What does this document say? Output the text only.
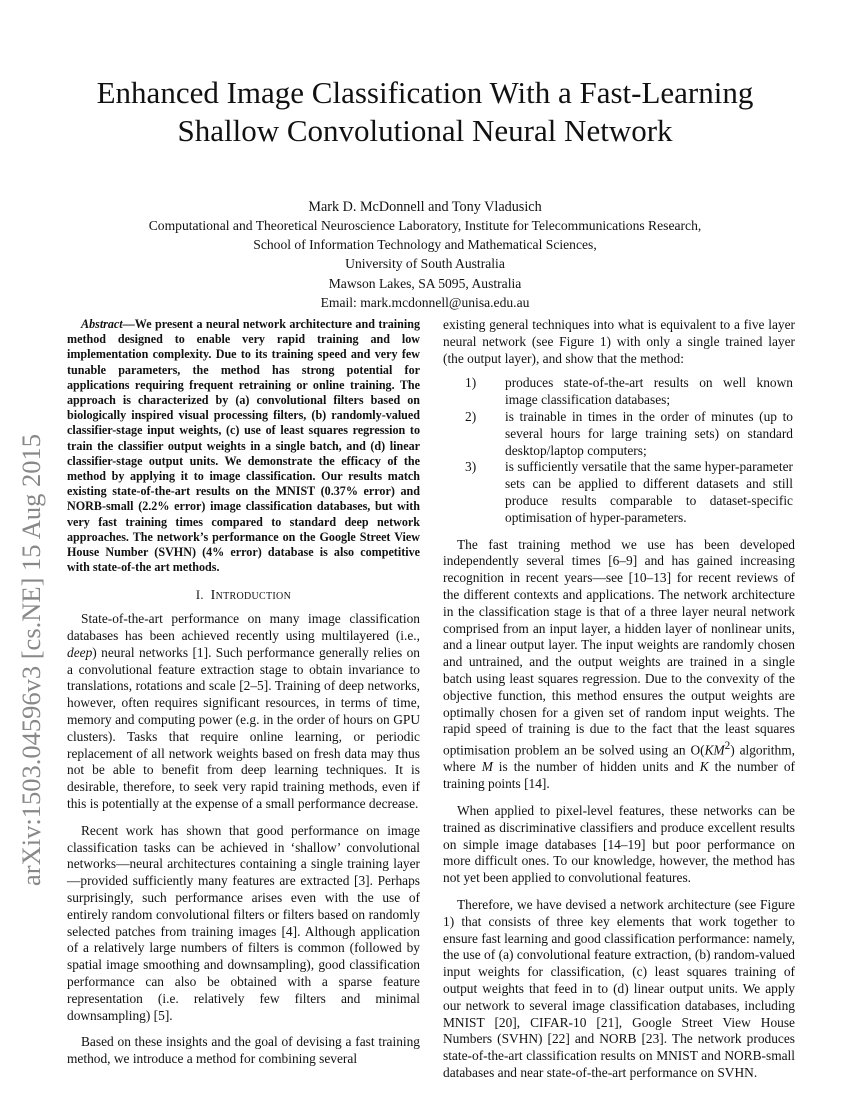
arXiv:1503.04596v3 [cs.NE] 15 Aug 2015
Enhanced Image Classification With a Fast-Learning
Shallow Convolutional Neural Network
Mark D. McDonnell and Tony Vladusich
Computational and Theoretical Neuroscience Laboratory, Institute for Telecommunications Research,
School of Information Technology and Mathematical Sciences,
University of South Australia
Mawson Lakes, SA 5095, Australia
Email: mark.mcdonnell@unisa.edu.au

Abstract—We present a neural network architecture and training method designed to enable very rapid training and low implementation complexity. Due to its training speed and very few tunable parameters, the method has strong potential for applications requiring frequent retraining or online training. The approach is characterized by (a) convolutional filters based on biologically inspired visual processing filters, (b) randomly-valued classifier-stage input weights, (c) use of least squares regression to train the classifier output weights in a single batch, and (d) linear classifier-stage output units. We demonstrate the efficacy of the method by applying it to image classification. Our results match existing state-of-the-art results on the MNIST (0.37% error) and NORB-small (2.2% error) image classification databases, but with very fast training times compared to standard deep network approaches. The network’s performance on the Google Street View House Number (SVHN) (4% error) database is also competitive with state-of-the art methods.

I. Introduction

State-of-the-art performance on many image classification databases has been achieved recently using multilayered (i.e., deep) neural networks [1]. Such performance generally relies on a convolutional feature extraction stage to obtain invariance to translations, rotations and scale [2–5]. Training of deep networks, however, often requires significant resources, in terms of time, memory and computing power (e.g. in the order of hours on GPU clusters). Tasks that require online learning, or periodic replacement of all network weights based on fresh data may thus not be able to benefit from deep learning techniques. It is desirable, therefore, to seek very rapid training methods, even if this is potentially at the expense of a small performance decrease.

Recent work has shown that good performance on image classification tasks can be achieved in ‘shallow’ convolutional networks—neural architectures containing a single training layer—provided sufficiently many features are extracted [3]. Perhaps surprisingly, such performance arises even with the use of entirely random convolutional filters or filters based on randomly selected patches from training images [4]. Although application of a relatively large numbers of filters is common (followed by spatial image smoothing and downsampling), good classification performance can also be obtained with a sparse feature representation (i.e. relatively few filters and minimal downsampling) [5].

Based on these insights and the goal of devising a fast training method, we introduce a method for combining several

existing general techniques into what is equivalent to a five layer neural network (see Figure 1) with only a single trained layer (the output layer), and show that the method:

1) produces state-of-the-art results on well known image classification databases;
2) is trainable in times in the order of minutes (up to several hours for large training sets) on standard desktop/laptop computers;
3) is sufficiently versatile that the same hyper-parameter sets can be applied to different datasets and still produce results comparable to dataset-specific optimisation of hyper-parameters.

The fast training method we use has been developed independently several times [6–9] and has gained increasing recognition in recent years—see [10–13] for recent reviews of the different contexts and applications. The network architecture in the classification stage is that of a three layer neural network comprised from an input layer, a hidden layer of nonlinear units, and a linear output layer. The input weights are randomly chosen and untrained, and the output weights are trained in a single batch using least squares regression. Due to the convexity of the objective function, this method ensures the output weights are optimally chosen for a given set of random input weights. The rapid speed of training is due to the fact that the least squares optimisation problem an be solved using an $O(KM^2)$ algorithm, where M is the number of hidden units and K the number of training points [14].

When applied to pixel-level features, these networks can be trained as discriminative classifiers and produce excellent results on simple image databases [14–19] but poor performance on more difficult ones. To our knowledge, however, the method has not yet been applied to convolutional features.

Therefore, we have devised a network architecture (see Figure 1) that consists of three key elements that work together to ensure fast learning and good classification performance: namely, the use of (a) convolutional feature extraction, (b) random-valued input weights for classification, (c) least squares training of output weights that feed in to (d) linear output units. We apply our network to several image classification databases, including MNIST [20], CIFAR-10 [21], Google Street View House Numbers (SVHN) [22] and NORB [23]. The network produces state-of-the-art classification results on MNIST and NORB-small databases and near state-of-the-art performance on SVHN.
